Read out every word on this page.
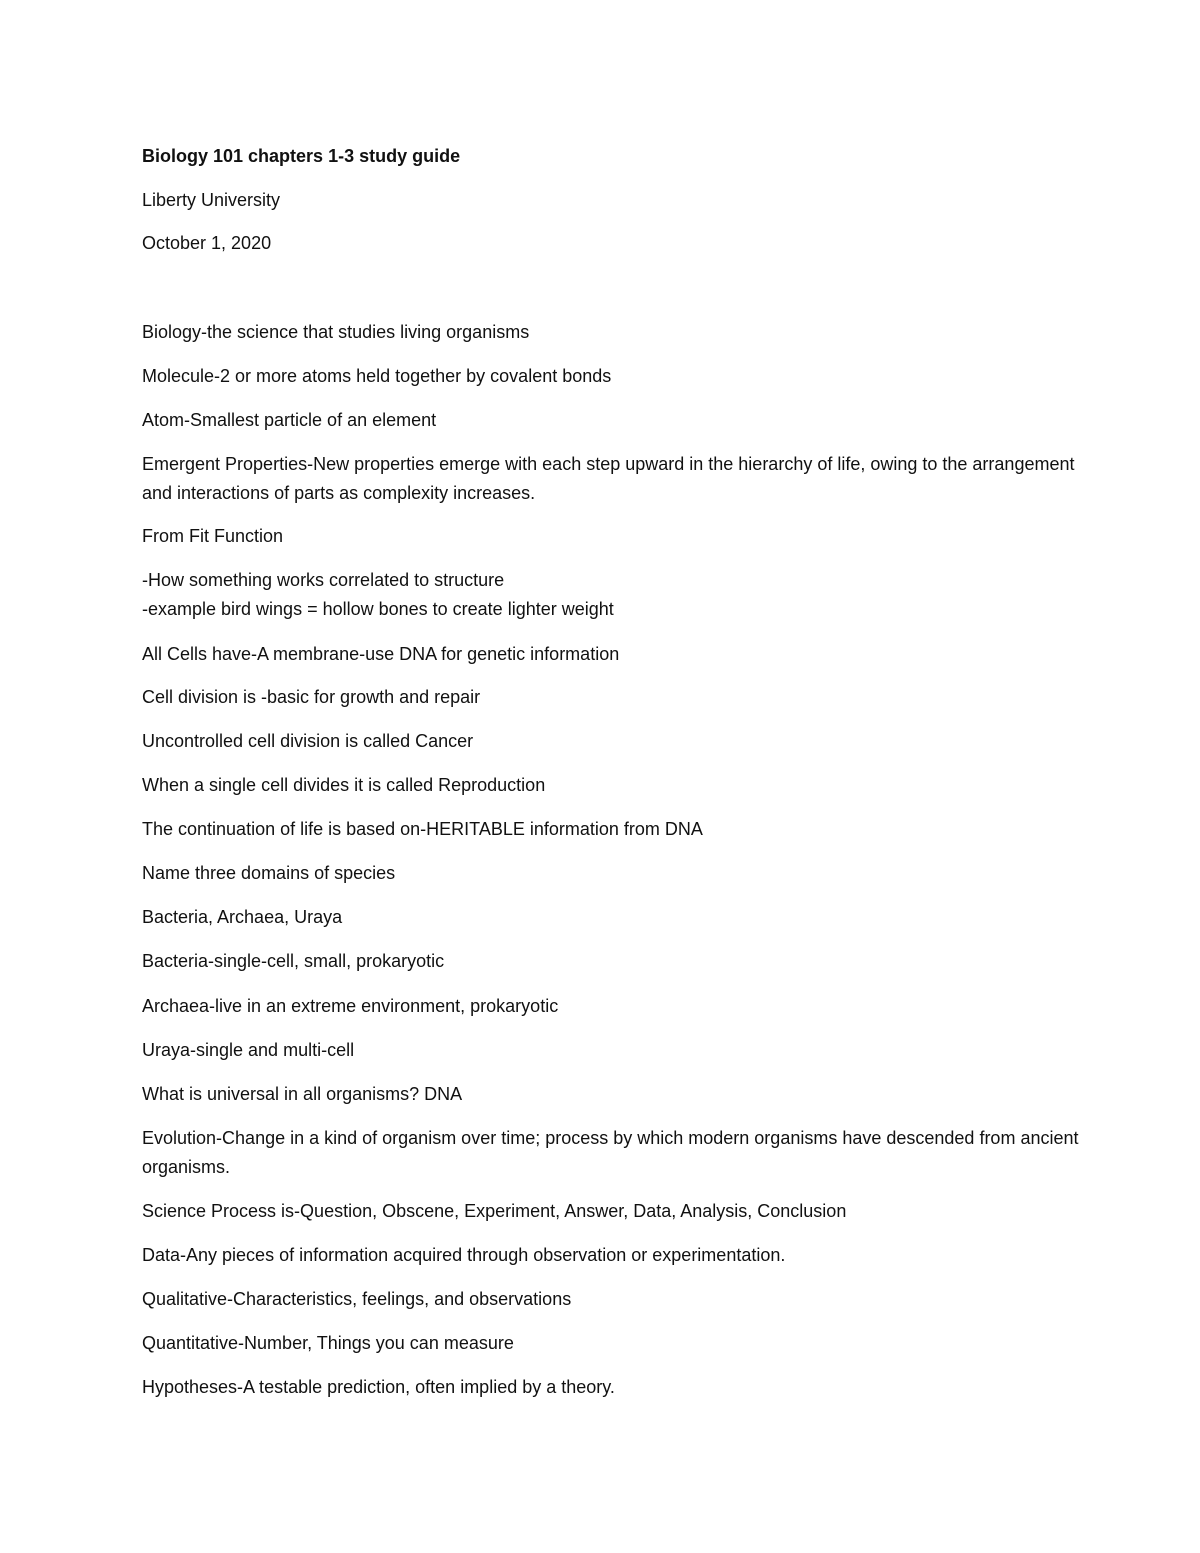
Biology 101 chapters 1-3 study guide

Liberty University

October 1, 2020

Biology-the science that studies living organisms

Molecule-2 or more atoms held together by covalent bonds

Atom-Smallest particle of an element

Emergent Properties-New properties emerge with each step upward in the hierarchy of life, owing to the arrangement and interactions of parts as complexity increases.

From Fit Function

-How something works correlated to structure

-example bird wings = hollow bones to create lighter weight

All Cells have-A membrane-use DNA for genetic information

Cell division is -basic for growth and repair

Uncontrolled cell division is called Cancer

When a single cell divides it is called Reproduction

The continuation of life is based on-HERITABLE information from DNA

Name three domains of species

Bacteria, Archaea, Uraya

Bacteria-single-cell, small, prokaryotic

Archaea-live in an extreme environment, prokaryotic

Uraya-single and multi-cell

What is universal in all organisms? DNA

Evolution-Change in a kind of organism over time; process by which modern organisms have descended from ancient organisms.

Science Process is-Question, Obscene, Experiment, Answer, Data, Analysis, Conclusion

Data-Any pieces of information acquired through observation or experimentation.

Qualitative-Characteristics, feelings, and observations

Quantitative-Number, Things you can measure

Hypotheses-A testable prediction, often implied by a theory.
